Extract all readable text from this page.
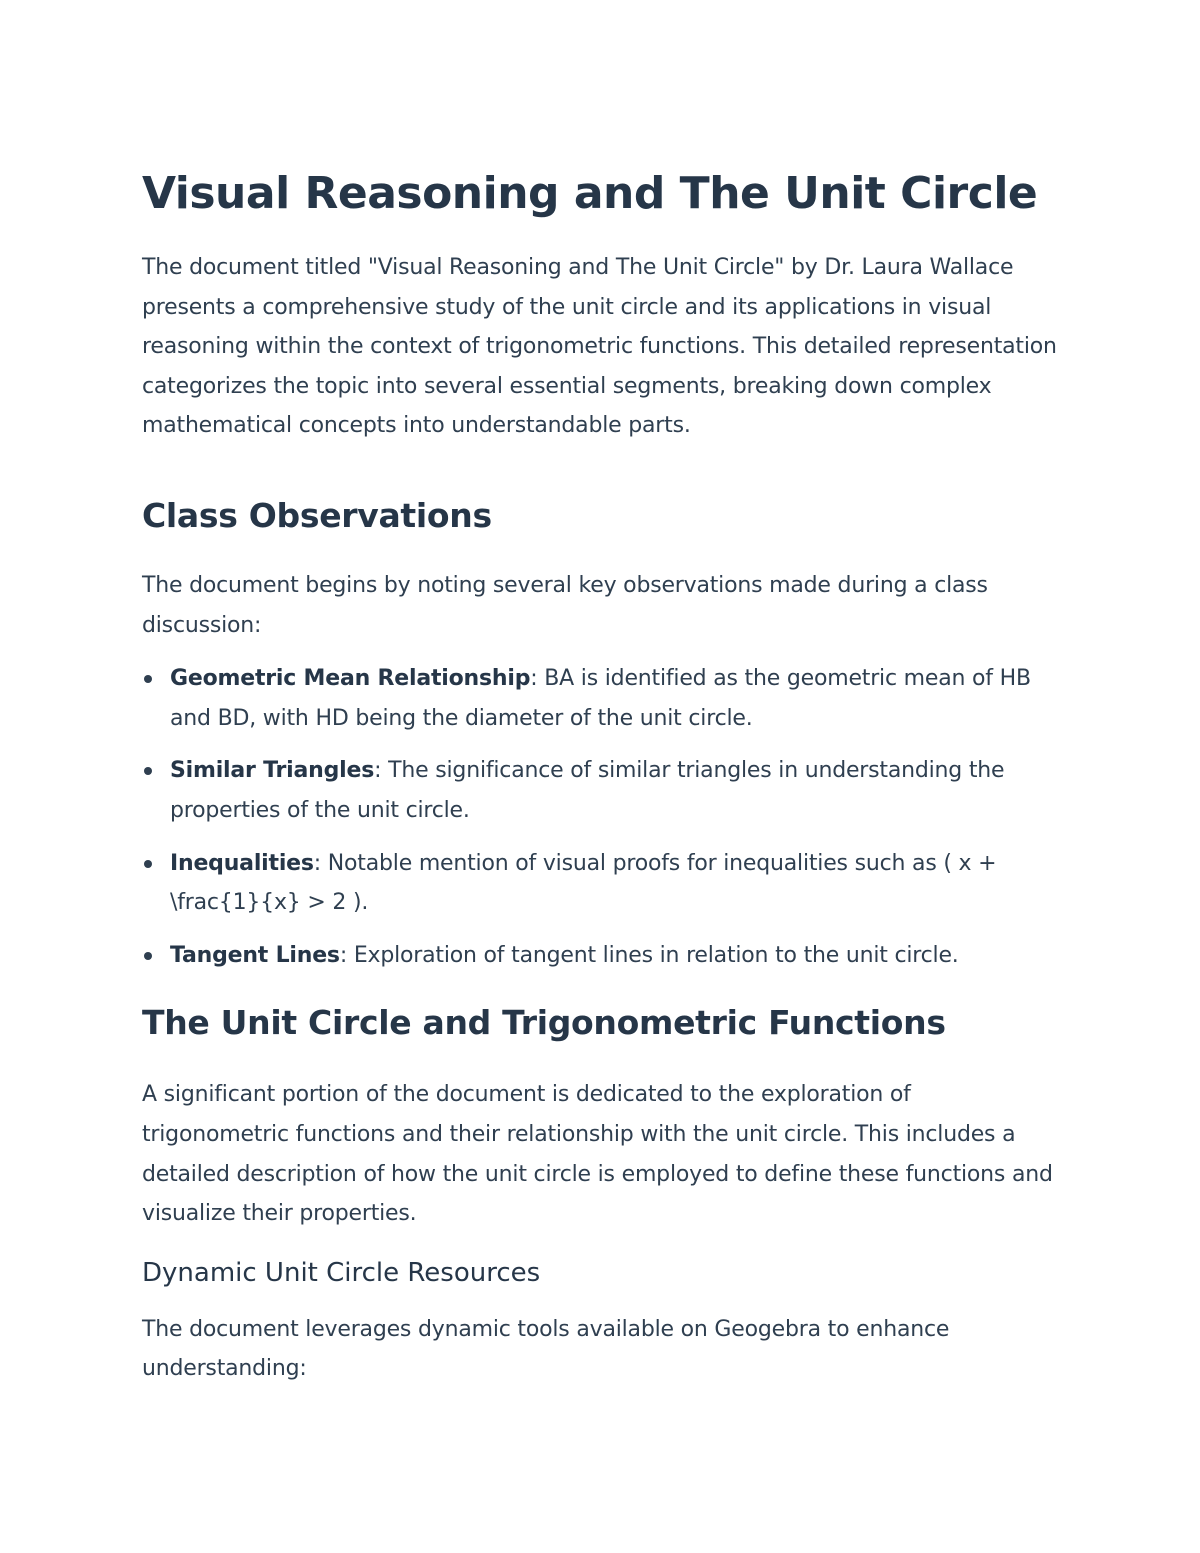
Visual Reasoning and The Unit Circle

The document titled "Visual Reasoning and The Unit Circle" by Dr. Laura Wallace presents a comprehensive study of the unit circle and its applications in visual reasoning within the context of trigonometric functions. This detailed representation categorizes the topic into several essential segments, breaking down complex mathematical concepts into understandable parts.

Class Observations

The document begins by noting several key observations made during a class discussion:

Geometric Mean Relationship: BA is identified as the geometric mean of HB and BD, with HD being the diameter of the unit circle.
Similar Triangles: The significance of similar triangles in understanding the properties of the unit circle.
Inequalities: Notable mention of visual proofs for inequalities such as ( x + \frac{1}{x} > 2 ).
Tangent Lines: Exploration of tangent lines in relation to the unit circle.
The Unit Circle and Trigonometric Functions

A significant portion of the document is dedicated to the exploration of trigonometric functions and their relationship with the unit circle. This includes a detailed description of how the unit circle is employed to define these functions and visualize their properties.

Dynamic Unit Circle Resources

The document leverages dynamic tools available on Geogebra to enhance understanding:
